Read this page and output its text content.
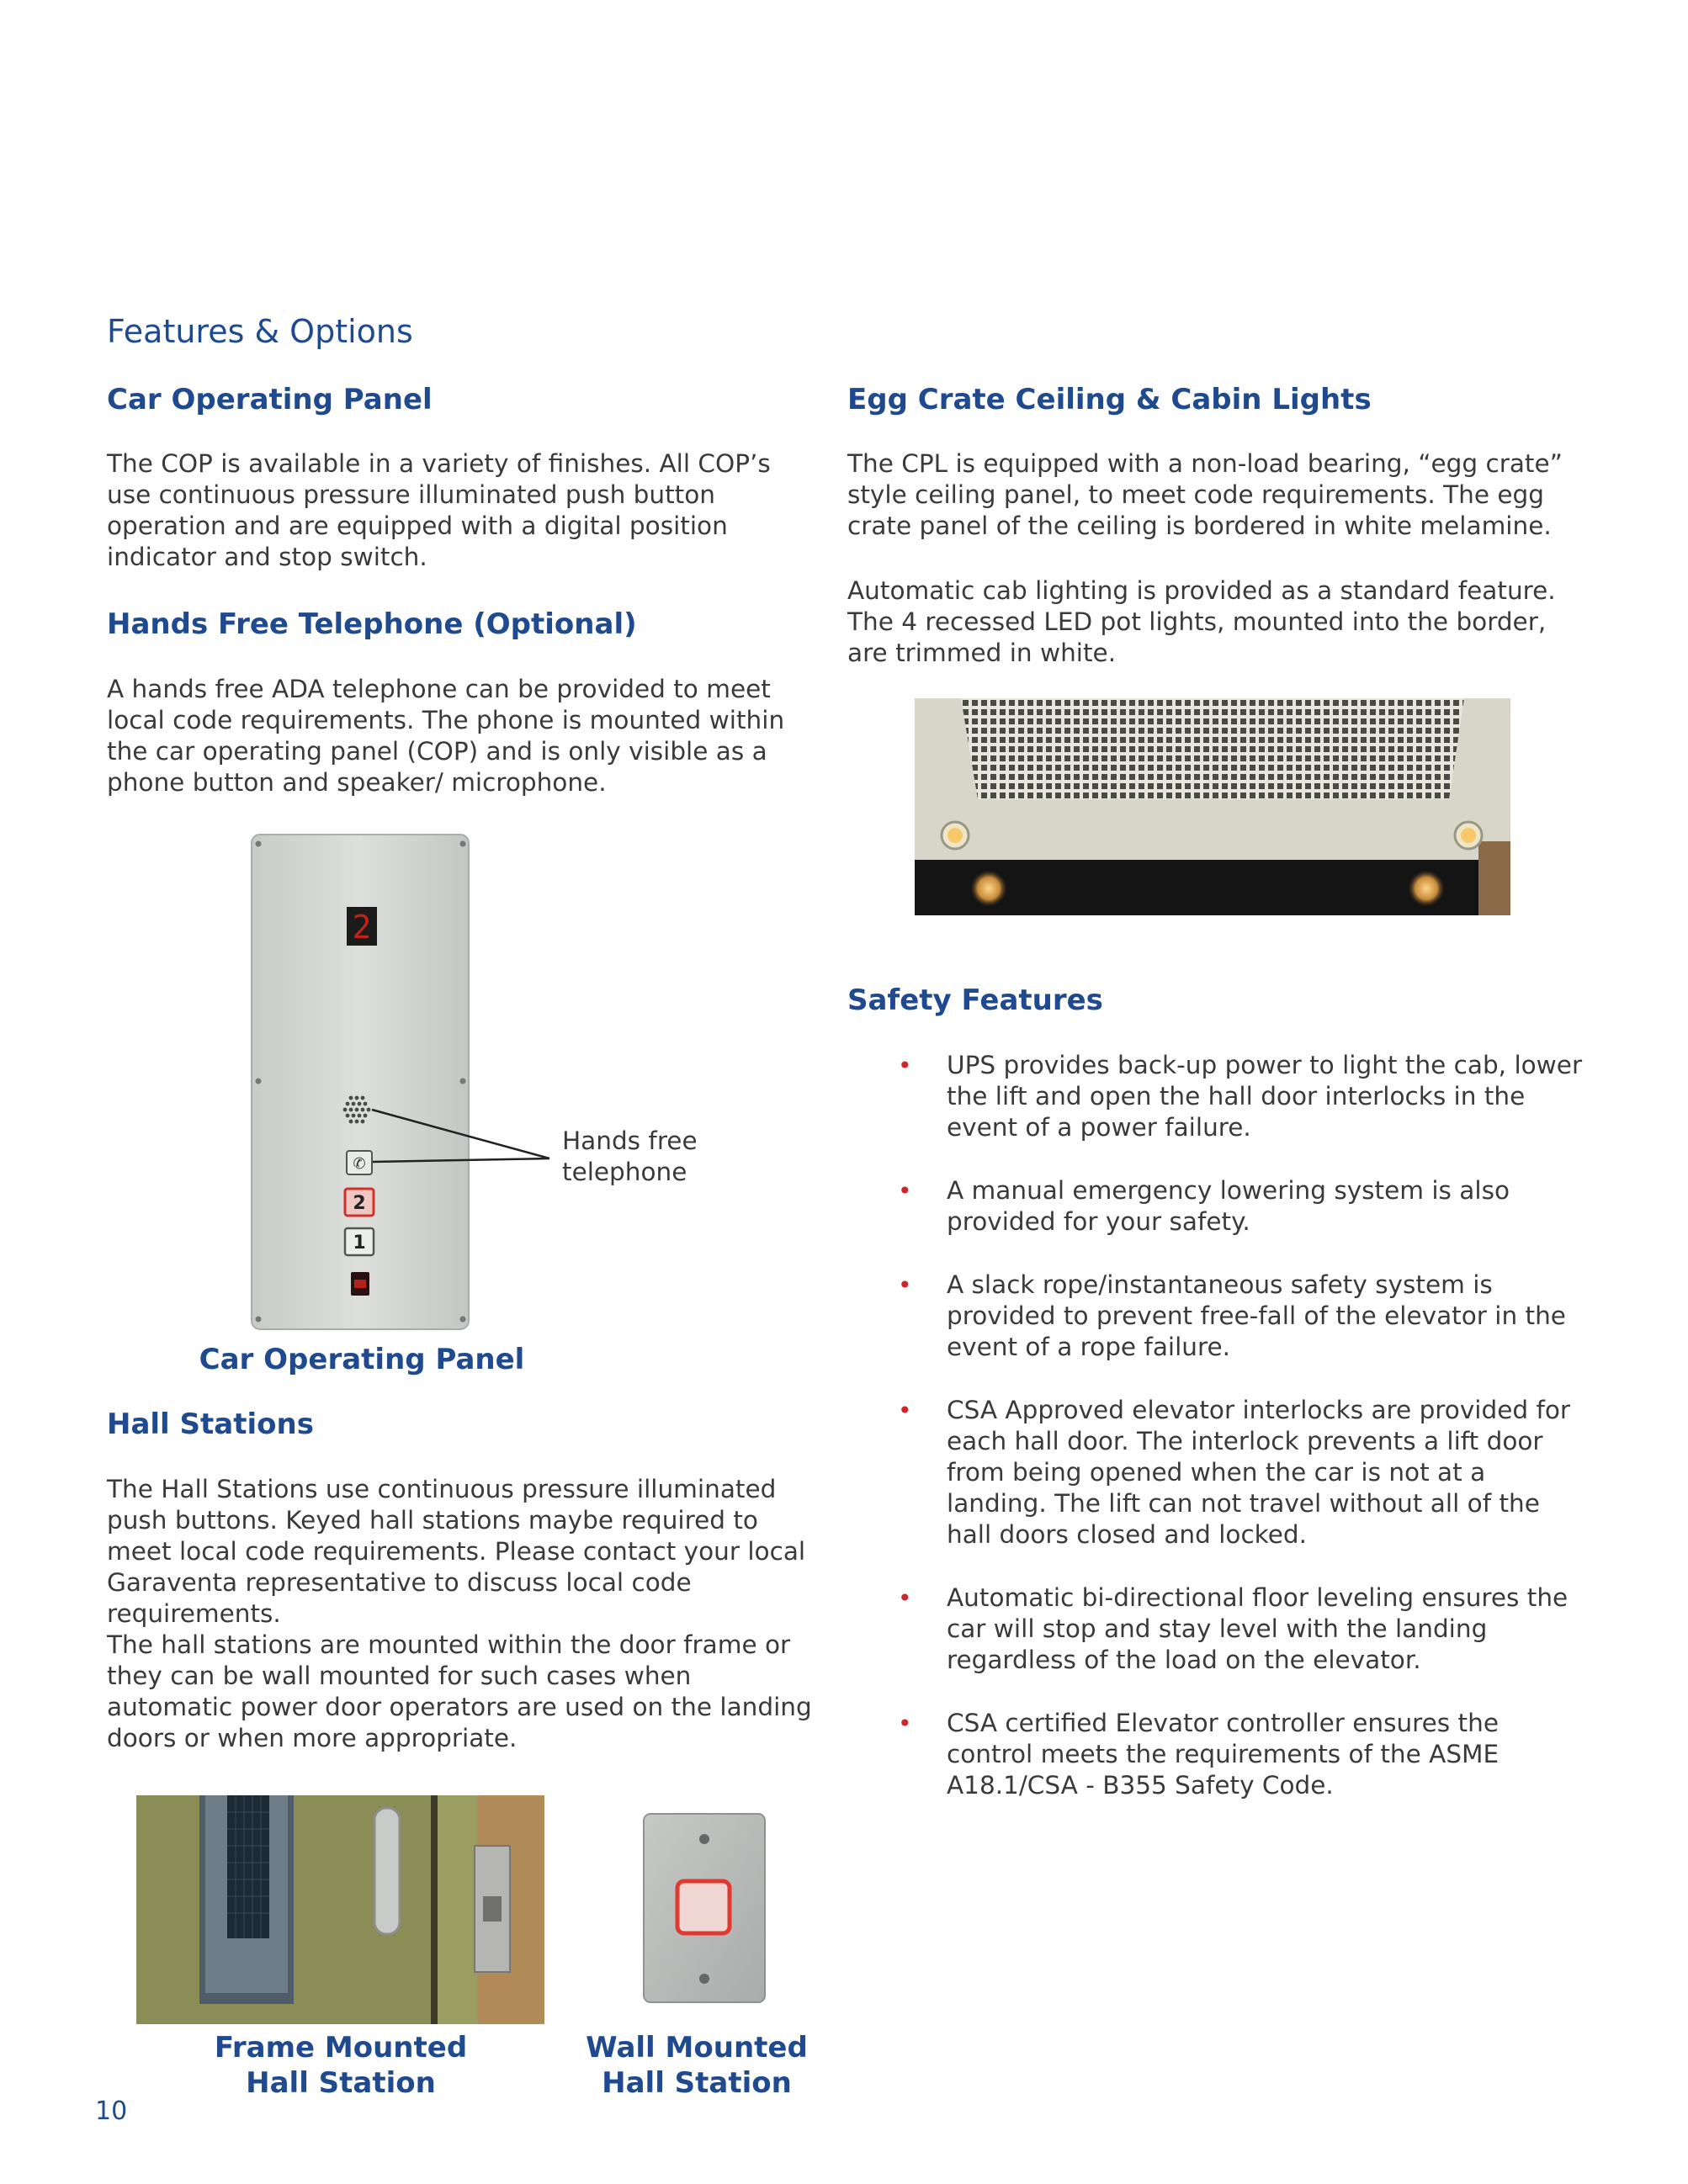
Features & Options
Car Operating Panel

The COP is available in a variety of finishes. All COP’s use continuous pressure illuminated push button operation and are equipped with a digital position indicator and stop switch.

Hands Free Telephone (Optional)

A hands free ADA telephone can be provided to meet local code requirements. The phone is mounted within the car operating panel (COP) and is only visible as a phone button and speaker/ microphone.

2
✆
2
1
Hands free
telephone
Car Operating Panel
Hall Stations

The Hall Stations use continuous pressure illuminated push buttons. Keyed hall stations maybe required to meet local code requirements. Please contact your local Garaventa representative to discuss local code requirements.

The hall stations are mounted within the door frame or they can be wall mounted for such cases when automatic power door operators are used on the landing doors or when more appropriate.

Frame Mounted
Hall Station
Wall Mounted
Hall Station
10
Egg Crate Ceiling & Cabin Lights

The CPL is equipped with a non-load bearing, “egg crate” style ceiling panel, to meet code requirements. The egg crate panel of the ceiling is bordered in white melamine.

Automatic cab lighting is provided as a standard feature. The 4 recessed LED pot lights, mounted into the border, are trimmed in white.

Safety Features
• UPS provides back-up power to light the cab, lower the lift and open the hall door interlocks in the event of a power failure.
• A manual emergency lowering system is also provided for your safety.
• A slack rope/instantaneous safety system is provided to prevent free-fall of the elevator in the event of a rope failure.
• CSA Approved elevator interlocks are provided for each hall door. The interlock prevents a lift door from being opened when the car is not at a landing. The lift can not travel without all of the hall doors closed and locked.
• Automatic bi-directional floor leveling ensures the car will stop and stay level with the landing regardless of the load on the elevator.
• CSA certified Elevator controller ensures the control meets the requirements of the ASME A18.1/CSA - B355 Safety Code.
